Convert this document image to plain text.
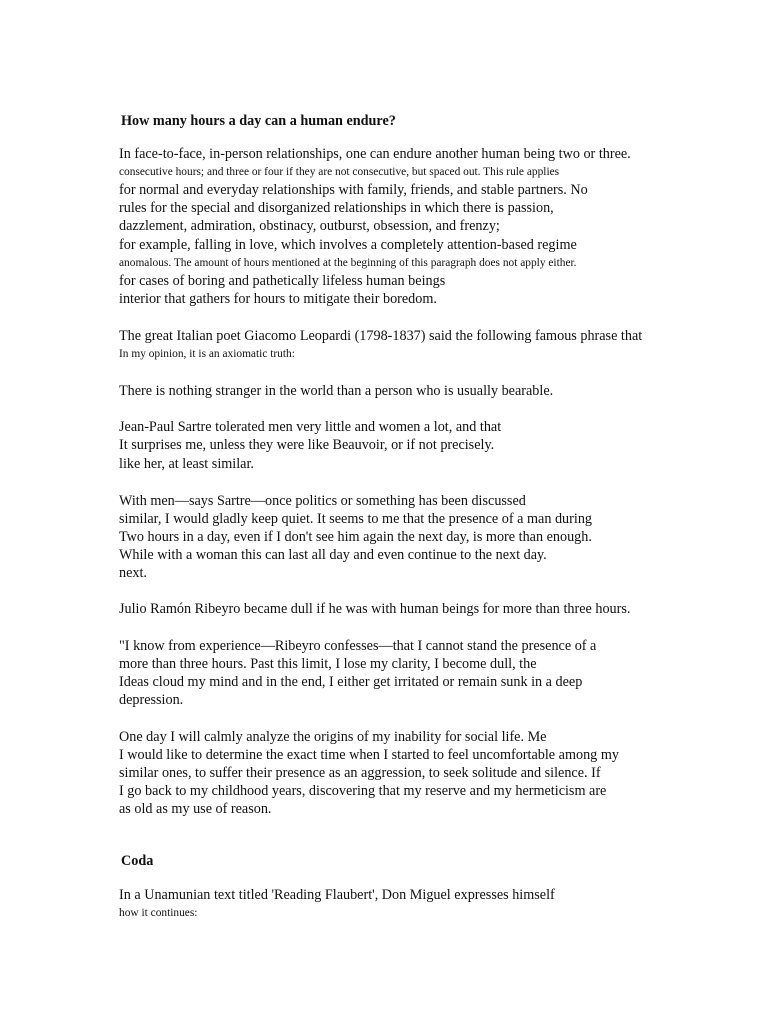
How many hours a day can a human endure?
In face-to-face, in-person relationships, one can endure another human being two or three.
consecutive hours; and three or four if they are not consecutive, but spaced out. This rule applies
for normal and everyday relationships with family, friends, and stable partners. No
rules for the special and disorganized relationships in which there is passion,
dazzlement, admiration, obstinacy, outburst, obsession, and frenzy;
for example, falling in love, which involves a completely attention-based regime
anomalous. The amount of hours mentioned at the beginning of this paragraph does not apply either.
for cases of boring and pathetically lifeless human beings
interior that gathers for hours to mitigate their boredom.
The great Italian poet Giacomo Leopardi (1798-1837) said the following famous phrase that
In my opinion, it is an axiomatic truth:
There is nothing stranger in the world than a person who is usually bearable.
Jean-Paul Sartre tolerated men very little and women a lot, and that
It surprises me, unless they were like Beauvoir, or if not precisely.
like her, at least similar.
With men—says Sartre—once politics or something has been discussed
similar, I would gladly keep quiet. It seems to me that the presence of a man during
Two hours in a day, even if I don't see him again the next day, is more than enough.
While with a woman this can last all day and even continue to the next day.
next.
Julio Ramón Ribeyro became dull if he was with human beings for more than three hours.
"I know from experience—Ribeyro confesses—that I cannot stand the presence of a
more than three hours. Past this limit, I lose my clarity, I become dull, the
Ideas cloud my mind and in the end, I either get irritated or remain sunk in a deep
depression.
One day I will calmly analyze the origins of my inability for social life. Me
I would like to determine the exact time when I started to feel uncomfortable among my
similar ones, to suffer their presence as an aggression, to seek solitude and silence. If
I go back to my childhood years, discovering that my reserve and my hermeticism are
as old as my use of reason.
Coda
In a Unamunian text titled 'Reading Flaubert', Don Miguel expresses himself
how it continues:
